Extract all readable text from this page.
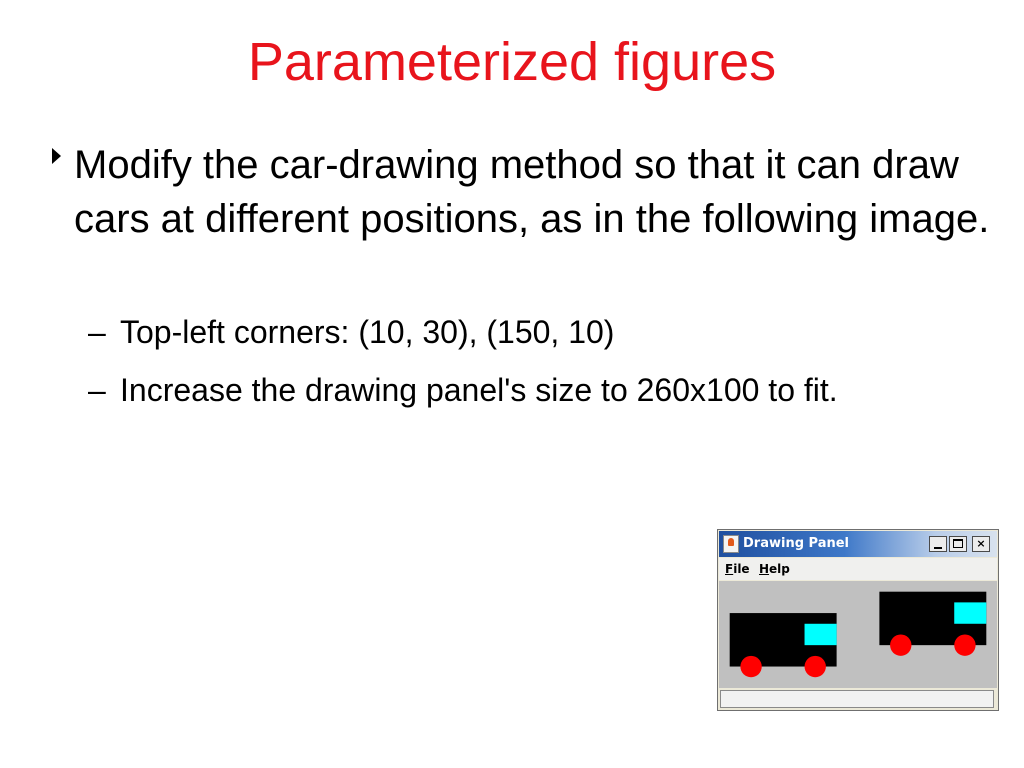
Parameterized figures
Modify the car-drawing method so that it can draw cars at different positions, as in the following image.
– Top-left corners: (10, 30), (150, 10)
– Increase the drawing panel's size to 260x100 to fit.
Drawing Panel	×
File Help
